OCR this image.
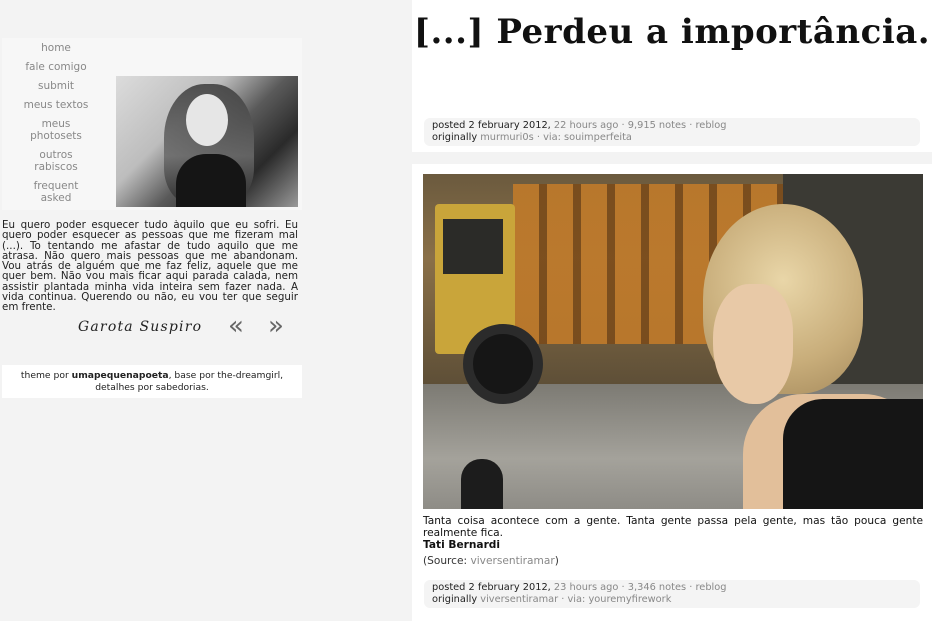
home
fale comigo
submit
meus textos
meus photosets
outros rabiscos
frequent asked
Eu quero poder esquecer tudo àquilo que eu sofri. Eu quero poder esquecer as pessoas que me fizeram mal (...). To tentando me afastar de tudo aquilo que me atrasa. Não quero mais pessoas que me abandonam. Vou atrás de alguém que me faz feliz, aquele que me quer bem. Não vou mais ficar aqui parada calada, nem assistir plantada minha vida inteira sem fazer nada. A vida continua. Querendo ou não, eu vou ter que seguir em frente.
Garota Suspiro « »
theme por umapequenapoeta, base por the-dreamgirl,
detalhes por sabedorias.
[...] Perdeu a importância.
posted 2 february 2012, 22 hours ago · 9,915 notes · reblog
originally murmuri0s · via: souimperfeita

Tanta coisa acontece com a gente. Tanta gente passa pela gente, mas tão pouca gente realmente fica.

Tati Bernardi
(Source: viversentiramar)
posted 2 february 2012, 23 hours ago · 3,346 notes · reblog
originally viversentiramar · via: youremyfirework
